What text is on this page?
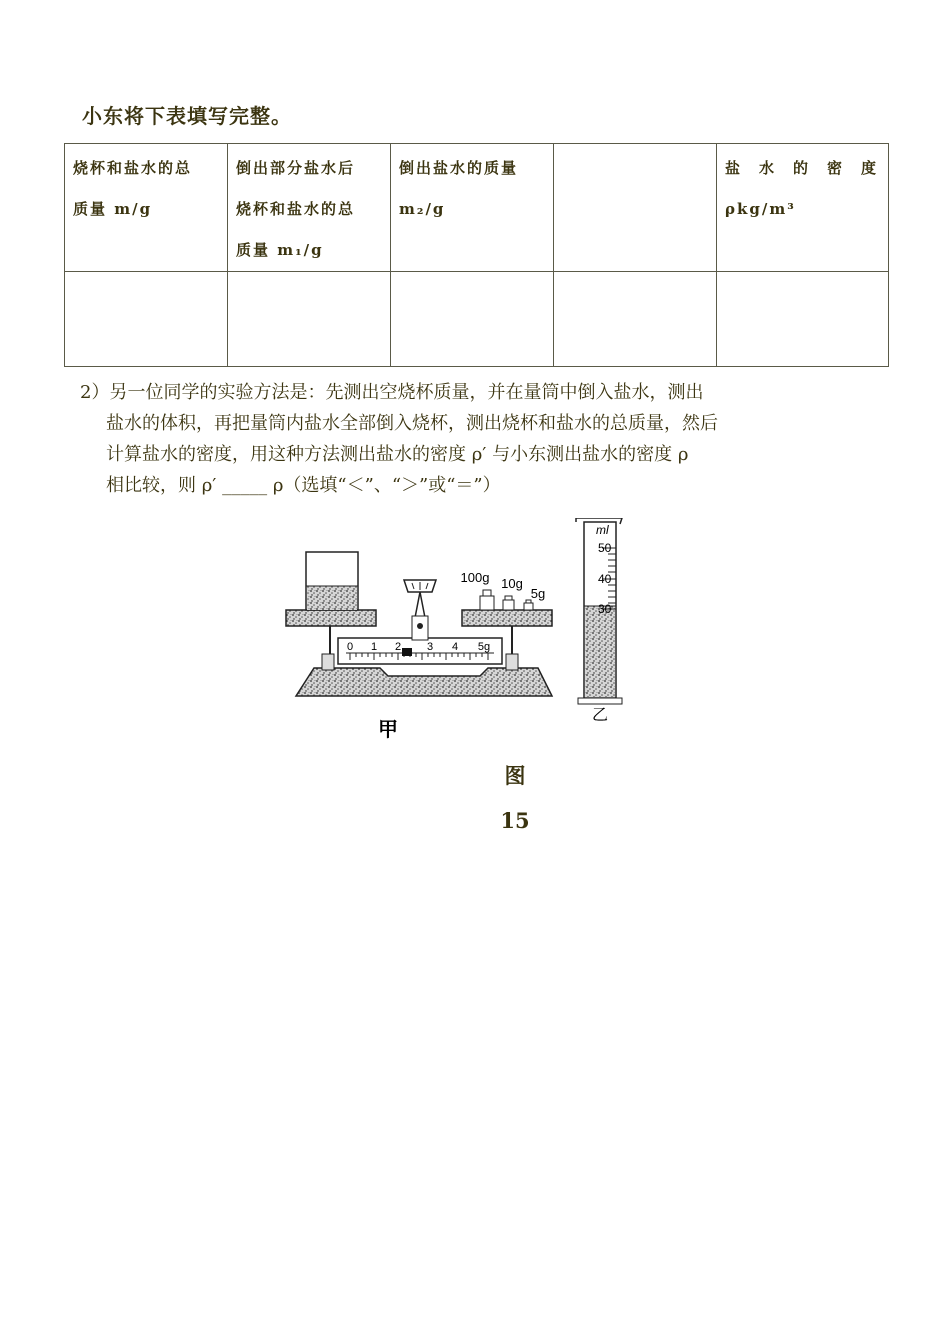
小东将下表填写完整。
烧杯和盐水的总
质量 m/g	倒出部分盐水后
烧杯和盐水的总
质量 m₁/g	倒出盐水的质量
m₂/g		盐水的密度
ρkg/m³

2）另一位同学的实验方法是：先测出空烧杯质量，并在量筒中倒入盐水，测出
盐水的体积，再把量筒内盐水全部倒入烧杯，测出烧杯和盐水的总质量，然后
计算盐水的密度，用这种方法测出盐水的密度 ρ′ 与小东测出盐水的密度 ρ
相比较，则 ρ′ _____ ρ（选填“＜”、“＞”或“＝”）
0 1 2 3 4 5g
100g 10g
5g
甲
ml
50
40
30
乙
图
15
